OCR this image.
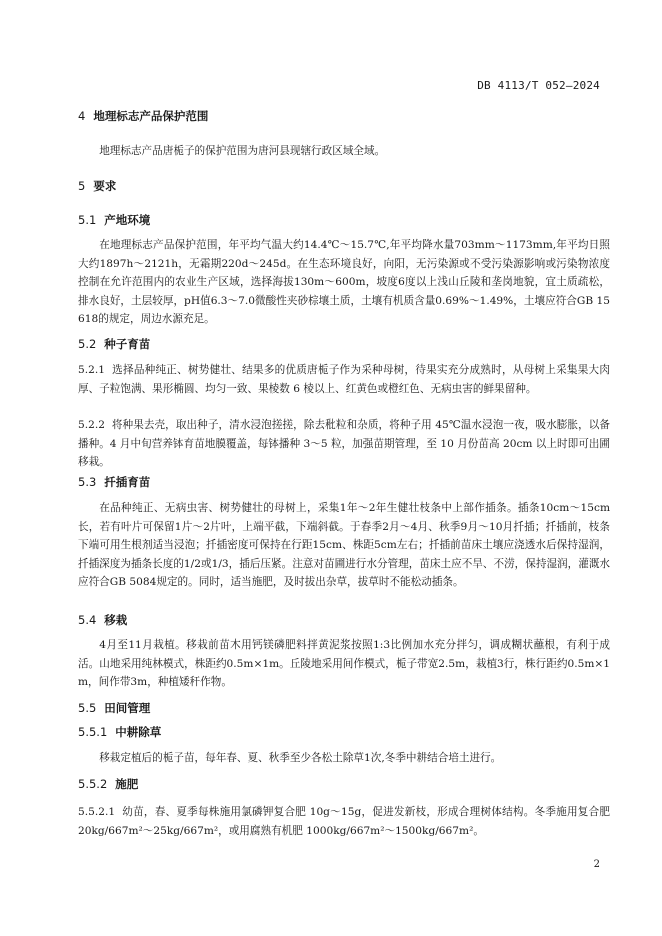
DB 4113/T 052—2024
4 地理标志产品保护范围
地理标志产品唐栀子的保护范围为唐河县现辖行政区域全域。
5 要求
5.1 产地环境
在地理标志产品保护范围，年平均气温大约14.4℃～15.7℃,年平均降水量703mm～1173mm,年平均日照大约1897h～2121h，无霜期220d～245d。在生态环境良好，向阳，无污染源或不受污染源影响或污染物浓度控制在允许范围内的农业生产区域，选择海拔130m～600m，坡度6度以上浅山丘陵和垄岗地貌，宜土质疏松，排水良好，土层较厚，pH值6.3～7.0微酸性夹砂棕壤土质，土壤有机质含量0.69%～1.49%，土壤应符合GB 15618的规定，周边水源充足。
5.2 种子育苗
5.2.1 选择品种纯正、树势健壮、结果多的优质唐栀子作为采种母树，待果实充分成熟时，从母树上采集果大肉厚、子粒饱满、果形椭圆、均匀一致、果棱数 6 棱以上、红黄色或橙红色、无病虫害的鲜果留种。
5.2.2 将种果去壳，取出种子，清水浸泡搓搓，除去秕粒和杂质，将种子用 45℃温水浸泡一夜，吸水膨胀，以备播种。4 月中旬营养钵育苗地膜覆盖，每钵播种 3～5 粒，加强苗期管理，至 10 月份苗高 20cm 以上时即可出圃移栽。
5.3 扦插育苗
在品种纯正、无病虫害、树势健壮的母树上，采集1年～2年生健壮枝条中上部作插条。插条10cm～15cm长，若有叶片可保留1片～2片叶，上端平截，下端斜截。于春季2月～4月、秋季9月～10月扦插；扦插前，枝条下端可用生根剂适当浸泡；扦插密度可保持在行距15cm、株距5cm左右；扦插前苗床土壤应浇透水后保持湿润，扦插深度为插条长度的1/2或1/3，插后压紧。注意对苗圃进行水分管理，苗床土应不旱、不涝，保持湿润，灌溉水应符合GB 5084规定的。同时，适当施肥，及时拔出杂草，拔草时不能松动插条。
5.4 移栽
4月至11月栽植。移栽前苗木用钙镁磷肥料拌黄泥浆按照1:3比例加水充分拌匀，调成糊状蘸根，有利于成活。山地采用纯林模式，株距约0.5m×1m。丘陵地采用间作模式，栀子带宽2.5m，栽植3行，株行距约0.5m×1m，间作带3m，种植矮秆作物。
5.5 田间管理
5.5.1 中耕除草
移栽定植后的栀子苗，每年春、夏、秋季至少各松土除草1次,冬季中耕结合培土进行。
5.5.2 施肥
5.5.2.1 幼苗，春、夏季每株施用氯磷钾复合肥 10g～15g，促进发新枝，形成合理树体结构。冬季施用复合肥 20kg/667m²～25kg/667m²，或用腐熟有机肥 1000kg/667m²～1500kg/667m²。
2
